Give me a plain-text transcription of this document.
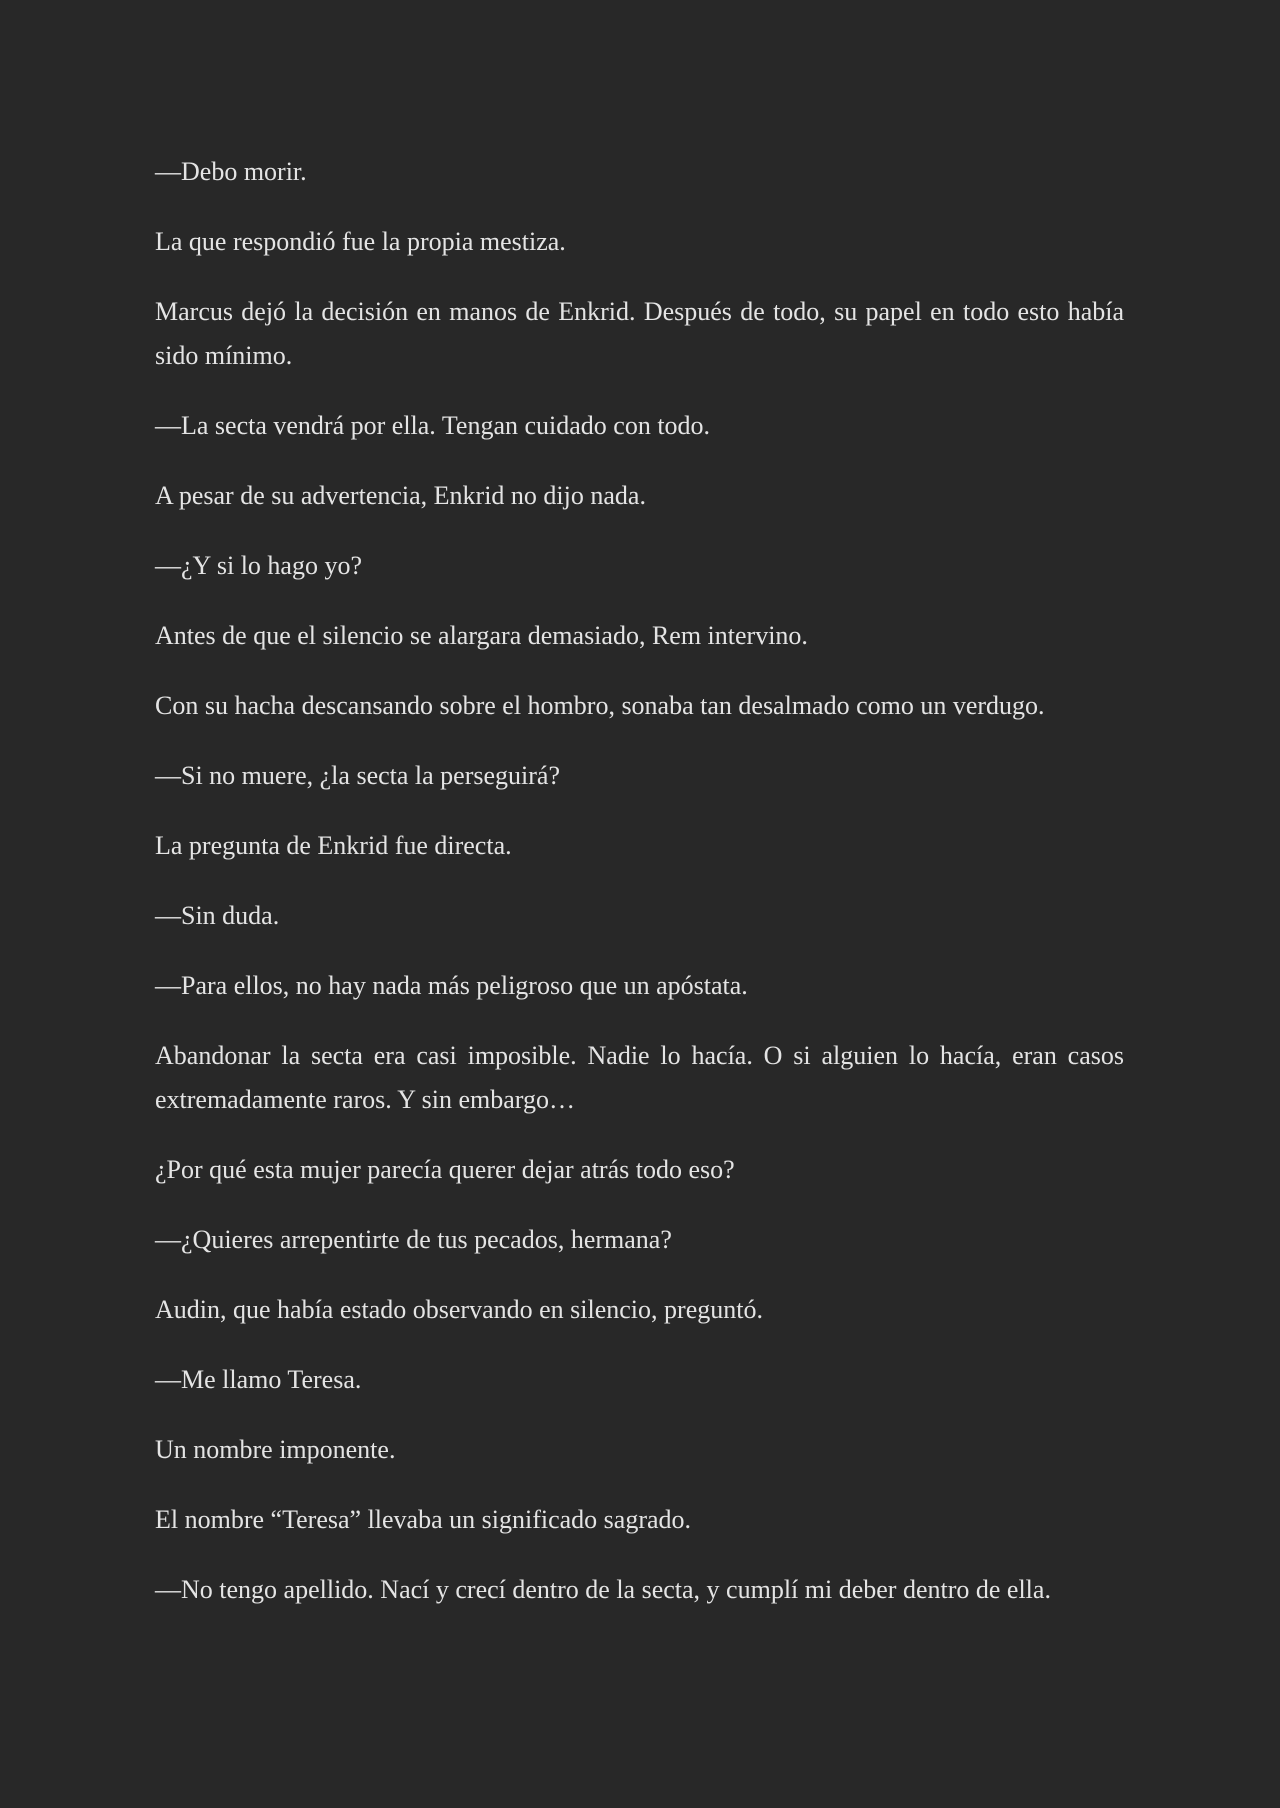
—Debo morir.

La que respondió fue la propia mestiza.

Marcus dejó la decisión en manos de Enkrid. Después de todo, su papel en todo esto había sido mínimo.

—La secta vendrá por ella. Tengan cuidado con todo.

A pesar de su advertencia, Enkrid no dijo nada.

—¿Y si lo hago yo?

Antes de que el silencio se alargara demasiado, Rem intervino.

Con su hacha descansando sobre el hombro, sonaba tan desalmado como un verdugo.

—Si no muere, ¿la secta la perseguirá?

La pregunta de Enkrid fue directa.

—Sin duda.

—Para ellos, no hay nada más peligroso que un apóstata.

Abandonar la secta era casi imposible. Nadie lo hacía. O si alguien lo hacía, eran casos extremadamente raros. Y sin embargo…

¿Por qué esta mujer parecía querer dejar atrás todo eso?

—¿Quieres arrepentirte de tus pecados, hermana?

Audin, que había estado observando en silencio, preguntó.

—Me llamo Teresa.

Un nombre imponente.

El nombre “Teresa” llevaba un significado sagrado.

—No tengo apellido. Nací y crecí dentro de la secta, y cumplí mi deber dentro de ella.
